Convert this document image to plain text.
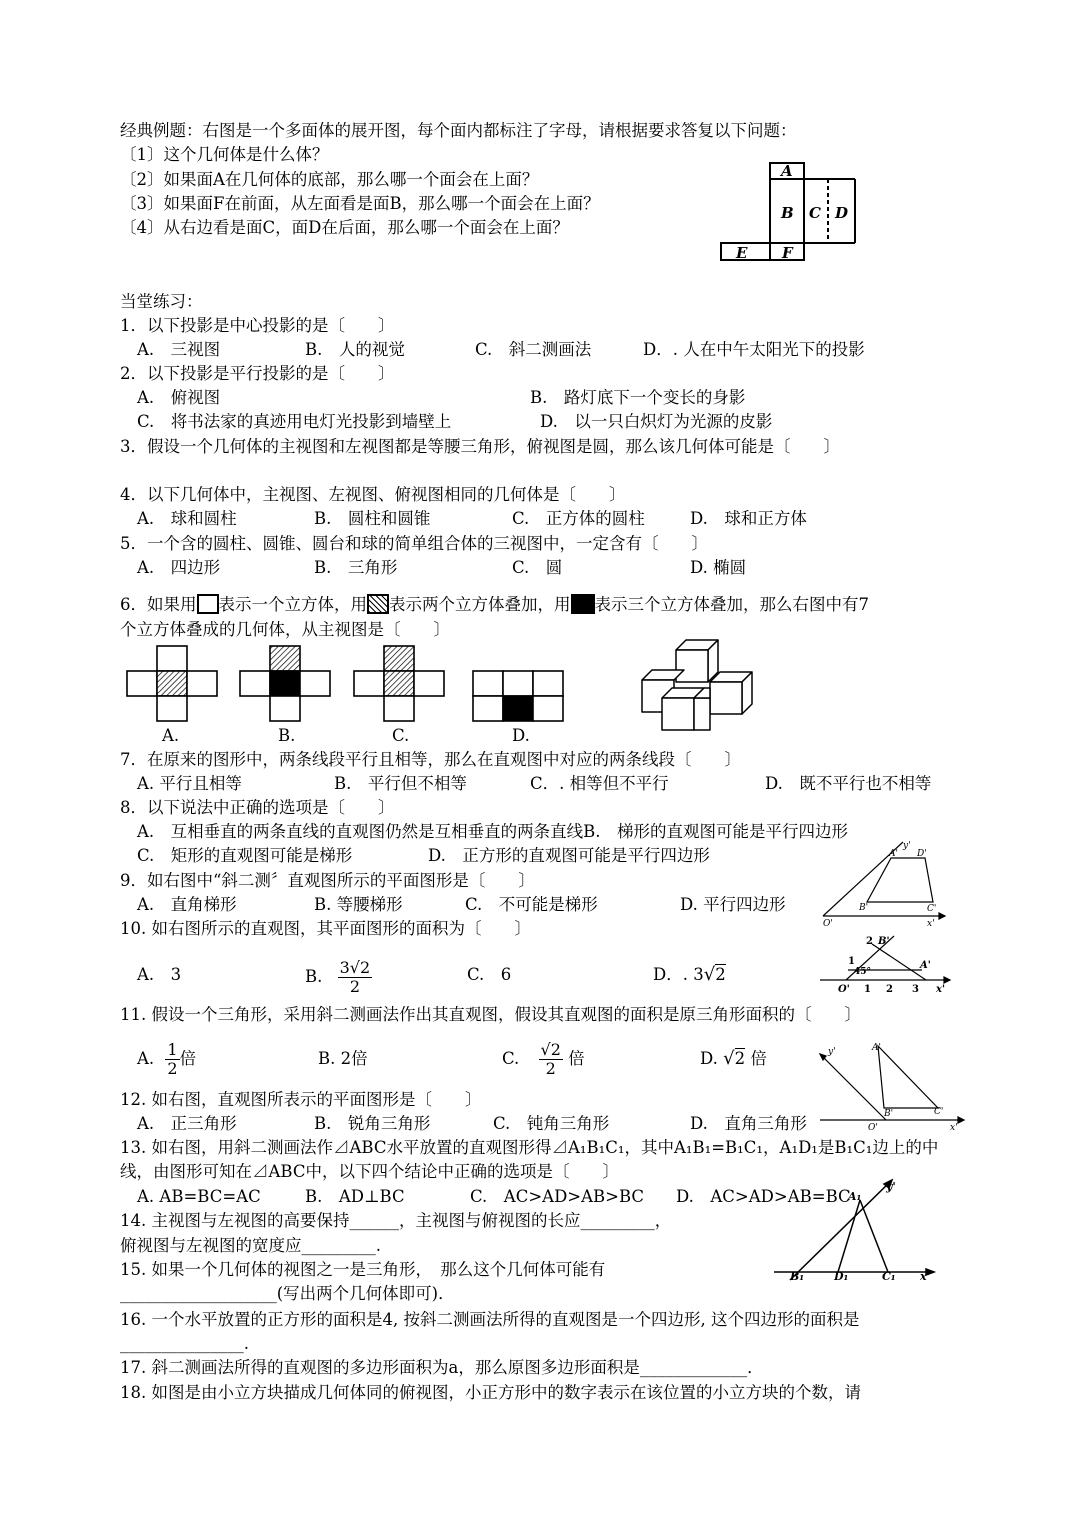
经典例题：右图是一个多面体的展开图，每个面内都标注了字母，请根据要求答复以下问题：
〔1〕这个几何体是什么体？
〔2〕如果面A在几何体的底部，那么哪一个面会在上面？
〔3〕如果面F在前面，从左面看是面B，那么哪一个面会在上面？
〔4〕从右边看是面C，面D在后面，那么哪一个面会在上面？
A
B C D
E F
当堂练习：
1．以下投影是中心投影的是〔　　〕
A.　三视图	B.　人的视觉	C.　斜二测画法	D．. 人在中午太阳光下的投影
2．以下投影是平行投影的是〔　　〕
A.　俯视图	B.　路灯底下一个变长的身影
C.　将书法家的真迹用电灯光投影到墙壁上	D.　以一只白炽灯为光源的皮影
3．假设一个几何体的主视图和左视图都是等腰三角形，俯视图是圆，那么该几何体可能是〔　　〕
4．以下几何体中，主视图、左视图、俯视图相同的几何体是〔　　〕
A.　球和圆柱	B.　圆柱和圆锥	C.　正方体的圆柱	D.　球和正方体
5．一个含的圆柱、圆锥、圆台和球的简单组合体的三视图中，一定含有〔　　〕
A.　四边形	B.　三角形	C.　圆	D. 椭圆
6．如果用 表示一个立方体，用 表示两个立方体叠加，用 表示三个立方体叠加，那么右图中有7
个立方体叠成的几何体，从主视图是〔　　〕
A.	B.	C.	D.
7．在原来的图形中，两条线段平行且相等，那么在直观图中对应的两条线段〔　　〕
A. 平行且相等	B.　平行但不相等	C．. 相等但不平行	D.　既不平行也不相等
8．以下说法中正确的选项是〔　　〕
A.　互相垂直的两条直线的直观图仍然是互相垂直的两条直线B.　梯形的直观图可能是平行四边形
C.　矩形的直观图可能是梯形	D.　正方形的直观图可能是平行四边形
9．如右图中“斜二测〞直观图所示的平面图形是〔　　〕
A.　直角梯形	B. 等腰梯形	C.　不可能是梯形	D. 平行四边形
y'
A' D'
B'	C'
O'	x'
10. 如右图所示的直观图，其平面图形的面积为〔　　〕
A.　3	B. $\frac{3√2}{2}$	C.　6	D．. 3√2
2 B'
1
45°
A'
O' 1 2 3 x'
11. 假设一个三角形，采用斜二测画法作出其直观图，假设其直观图的面积是原三角形面积的〔　　〕
A. $\frac{1}{2}$ 倍	B. 2倍	C. $\frac{√2}{2}$ 倍	D. √2 倍	y'	A'
B'	C'
O'	x'
12. 如右图，直观图所表示的平面图形是〔　　〕
A.　正三角形	B.　锐角三角形	C.　钝角三角形	D.　直角三角形
13. 如右图，用斜二测画法作⊿ABC水平放置的直观图形得⊿A₁B₁C₁，其中A₁B₁=B₁C₁，A₁D₁是B₁C₁边上的中
线，由图形可知在⊿ABC中，以下四个结论中正确的选项是〔　　〕
A. AB=BC=AC	B.　AD⊥BC	C.　AC>AD>AB>BC D.　AC>AD>AB=BC
A₁
y'
B₁	D₁	C₁ x'
14. 主视图与左视图的高要保持______，主视图与俯视图的长应_________，
俯视图与左视图的宽度应_________.
15. 如果一个几何体的视图之一是三角形，　那么这个几何体可能有
___________________(写出两个几何体即可)．
16. 一个水平放置的正方形的面积是4, 按斜二测画法所得的直观图是一个四边形, 这个四边形的面积是
_______________.
17. 斜二测画法所得的直观图的多边形面积为a，那么原图多边形面积是_____________．
18. 如图是由小立方块描成几何体同的俯视图，小正方形中的数字表示在该位置的小立方块的个数，请
